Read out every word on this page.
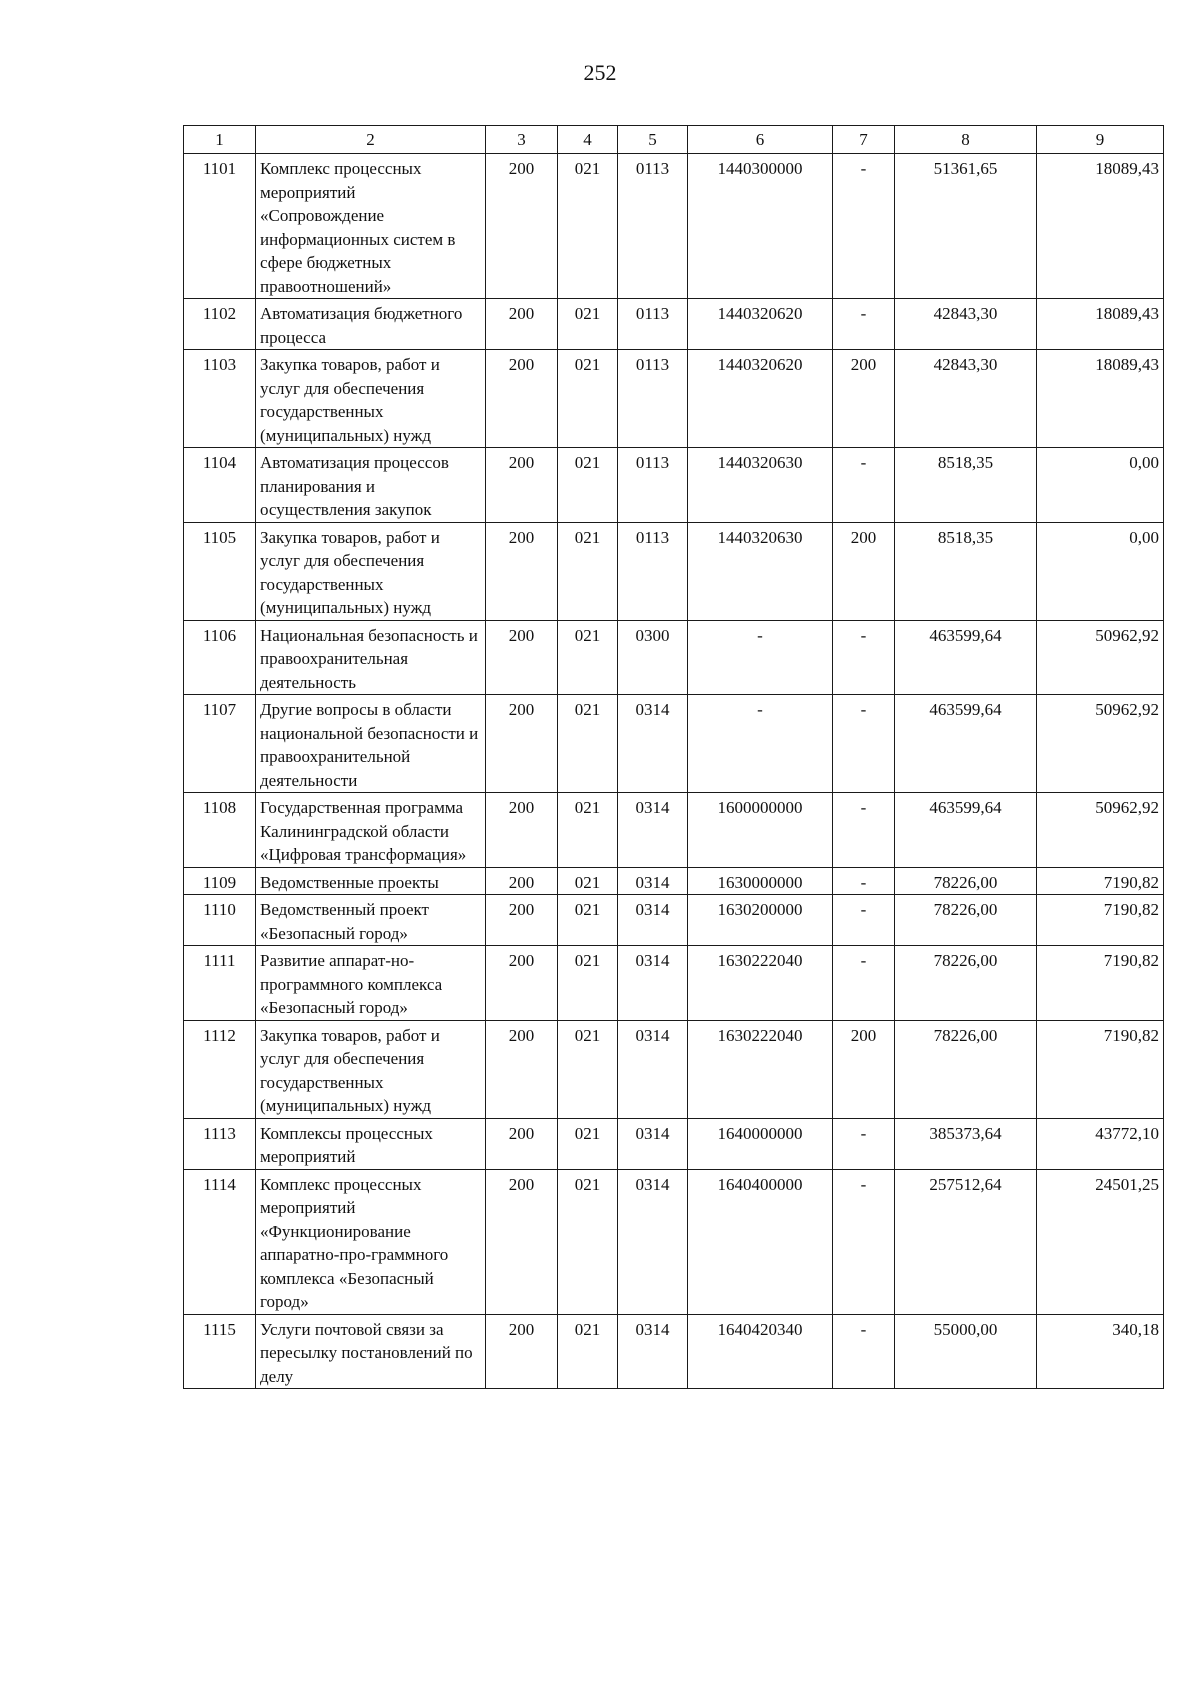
252
1	2	3	4	5	6	7	8	9
1101	Комплекс процессных мероприятий «Сопровождение информационных систем в сфере бюджетных правоотношений»	200	021	0113	1440300000	-	51361,65	18089,43
1102	Автоматизация бюджетного процесса	200	021	0113	1440320620	-	42843,30	18089,43
1103	Закупка товаров, работ и услуг для обеспечения государственных (муниципальных) нужд	200	021	0113	1440320620	200	42843,30	18089,43
1104	Автоматизация процессов планирования и осуществления закупок	200	021	0113	1440320630	-	8518,35	0,00
1105	Закупка товаров, работ и услуг для обеспечения государственных (муниципальных) нужд	200	021	0113	1440320630	200	8518,35	0,00
1106	Национальная безопасность и правоохранительная деятельность	200	021	0300	-	-	463599,64	50962,92
1107	Другие вопросы в области национальной безопасности и правоохранительной деятельности	200	021	0314	-	-	463599,64	50962,92
1108	Государственная программа Калининградской области «Цифровая трансформация»	200	021	0314	1600000000	-	463599,64	50962,92
1109	Ведомственные проекты	200	021	0314	1630000000	-	78226,00	7190,82
1110	Ведомственный проект «Безопасный город»	200	021	0314	1630200000	-	78226,00	7190,82
1111	Развитие аппарат-но-программного комплекса «Безопасный город»	200	021	0314	1630222040	-	78226,00	7190,82
1112	Закупка товаров, работ и услуг для обеспечения государственных (муниципальных) нужд	200	021	0314	1630222040	200	78226,00	7190,82
1113	Комплексы процессных мероприятий	200	021	0314	1640000000	-	385373,64	43772,10
1114	Комплекс процессных мероприятий «Функционирование аппаратно-про-граммного комплекса «Безопасный город»	200	021	0314	1640400000	-	257512,64	24501,25
1115	Услуги почтовой связи за пересылку постановлений по делу	200	021	0314	1640420340	-	55000,00	340,18
